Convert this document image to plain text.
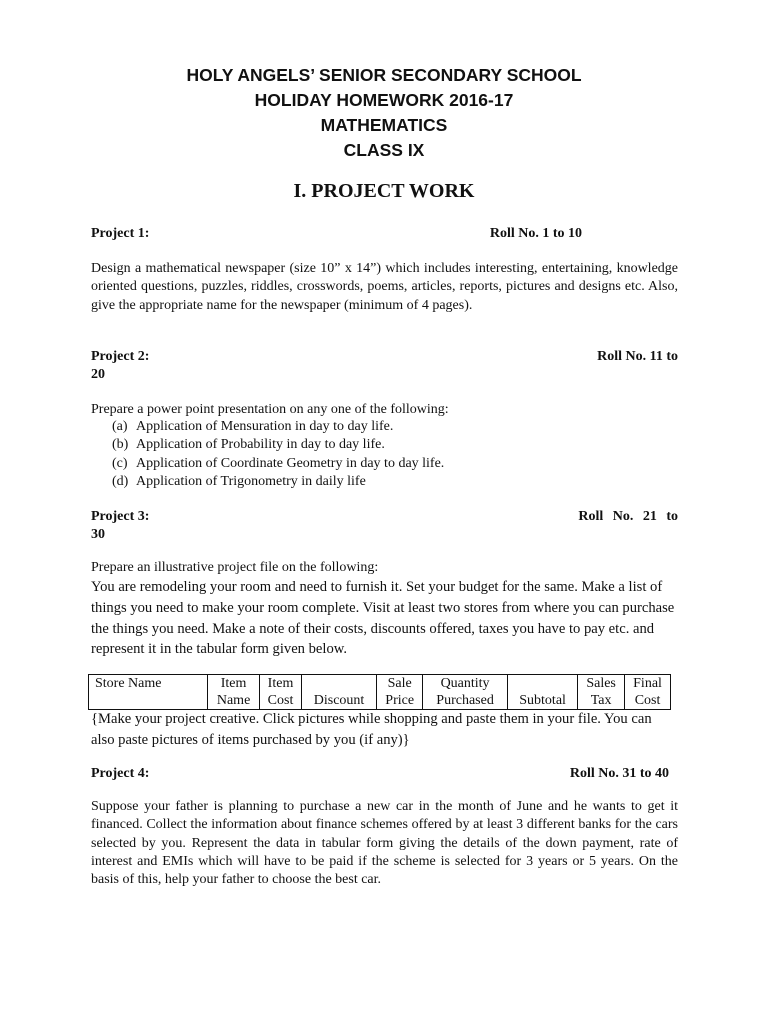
HOLY ANGELS’ SENIOR SECONDARY SCHOOL
HOLIDAY HOMEWORK 2016-17
MATHEMATICS
CLASS IX
I. PROJECT WORK
Project 1:	Roll No. 1 to 10
Design a mathematical newspaper (size 10” x 14”) which includes interesting, entertaining, knowledge oriented questions, puzzles, riddles, crosswords, poems, articles, reports, pictures and designs etc. Also, give the appropriate name for the newspaper (minimum of 4 pages).
Project 2:	Roll No. 11 to
20
Prepare a power point presentation on any one of the following:
(a) Application of Mensuration in day to day life.
(b) Application of Probability in day to day life.
(c) Application of Coordinate Geometry in day to day life.
(d) Application of Trigonometry in daily life
Project 3:	Roll No. 21 to
30
Prepare an illustrative project file on the following:
You are remodeling your room and need to furnish it. Set your budget for the same. Make a list of things you need to make your room complete. Visit at least two stores from where you can purchase the things you need. Make a note of their costs, discounts offered, taxes you have to pay etc. and represent it in the tabular form given below.
Store Name	Item	Item		Sale	Quantity		Sales	Final
	Name	Cost	Discount	Price	Purchased	Subtotal	Tax	Cost
{Make your project creative. Click pictures while shopping and paste them in your file. You can also paste pictures of items purchased by you (if any)}
Project 4:	Roll No. 31 to 40
Suppose your father is planning to purchase a new car in the month of June and he wants to get it financed. Collect the information about finance schemes offered by at least 3 different banks for the cars selected by you. Represent the data in tabular form giving the details of the down payment, rate of interest and EMIs which will have to be paid if the scheme is selected for 3 years or 5 years. On the basis of this, help your father to choose the best car.
